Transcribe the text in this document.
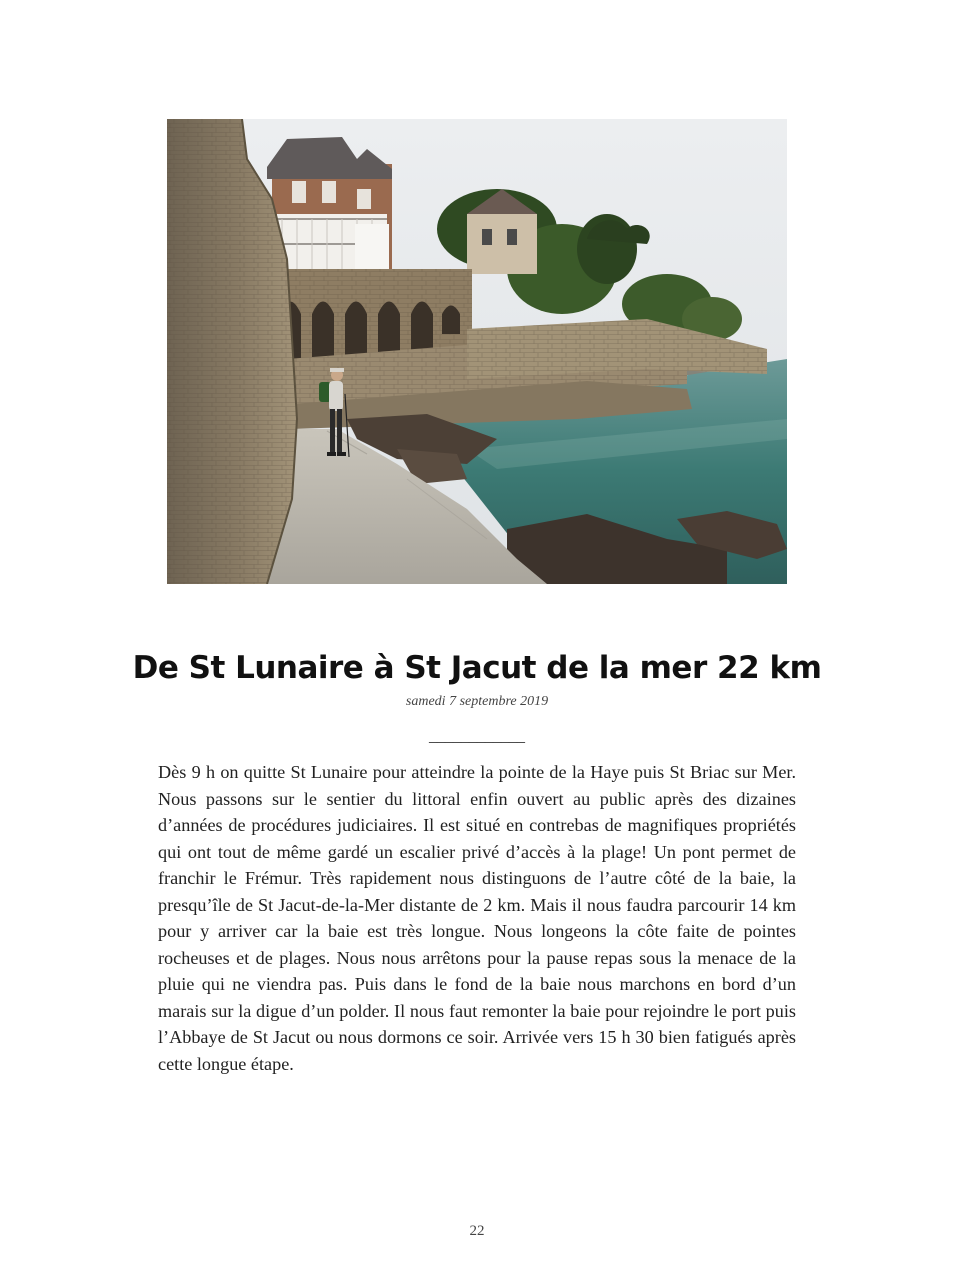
De St Lunaire à St Jacut de la mer 22 km
samedi 7 septembre 2019
____________

Dès 9 h on quitte St Lunaire pour atteindre la pointe de la Haye puis St Briac sur Mer. Nous passons sur le sentier du littoral enfin ouvert au public après des dizaines d’années de procédures judiciaires. Il est situé en contrebas de magnifiques propriétés qui ont tout de même gardé un escalier privé d’accès à la plage! Un pont permet de franchir le Frémur. Très rapidement nous distinguons de l’autre côté de la baie, la presqu’île de St Jacut-de-la-Mer distante de 2 km. Mais il nous faudra parcourir 14 km pour y arriver car la baie est très longue. Nous longeons la côte faite de pointes rocheuses et de plages. Nous nous arrêtons pour la pause repas sous la menace de la pluie qui ne viendra pas. Puis dans le fond de la baie nous marchons en bord d’un marais sur la digue d’un polder. Il nous faut remonter la baie pour rejoindre le port puis l’Abbaye de St Jacut ou nous dormons ce soir. Arrivée vers 15 h 30 bien fatigués après cette longue étape.

22
